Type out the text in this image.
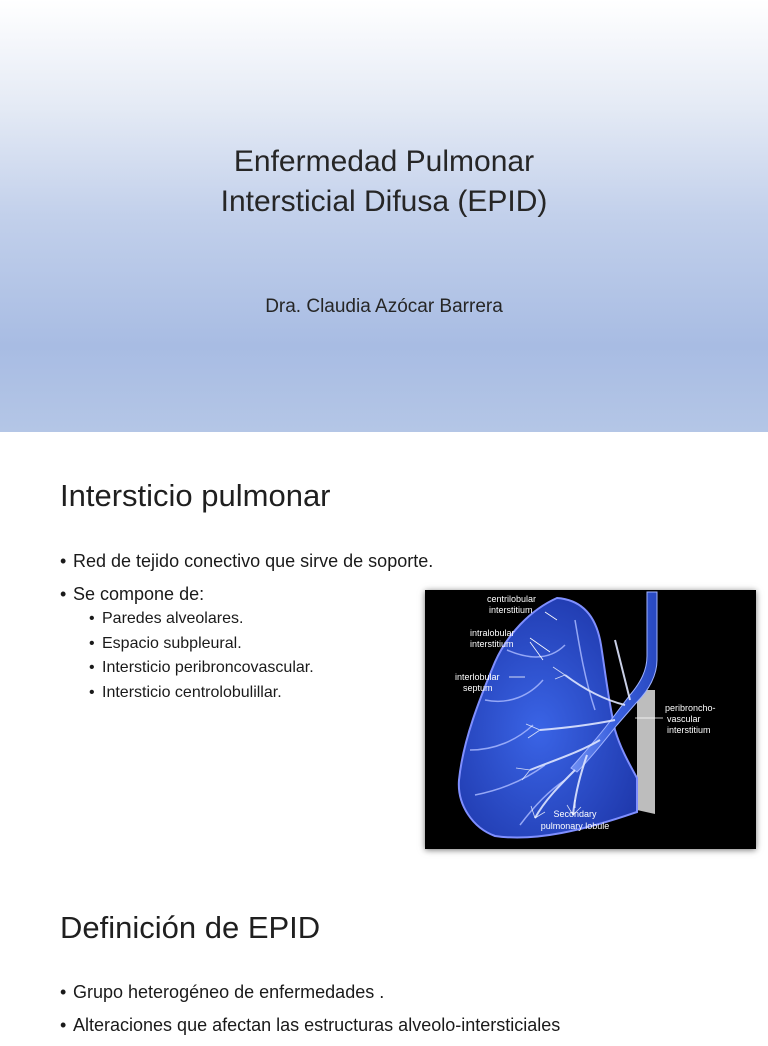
Enfermedad Pulmonar
Intersticial Difusa (EPID)

Dra. Claudia Azócar Barrera

Intersticio pulmonar
• Red de tejido conectivo que sirve de soporte.
• Se compone de:
• Paredes alveolares.
• Espacio subpleural.
• Intersticio peribroncovascular.
• Intersticio centrolobulillar.
centrilobular
interstitium
intralobular
interstitium
interlobular
septum
peribroncho-
vascular
interstitium
Secondary
pulmonary lobule
Definición de EPID
• Grupo heterogéneo de enfermedades .
• Alteraciones que afectan las estructuras alveolo-intersticiales
